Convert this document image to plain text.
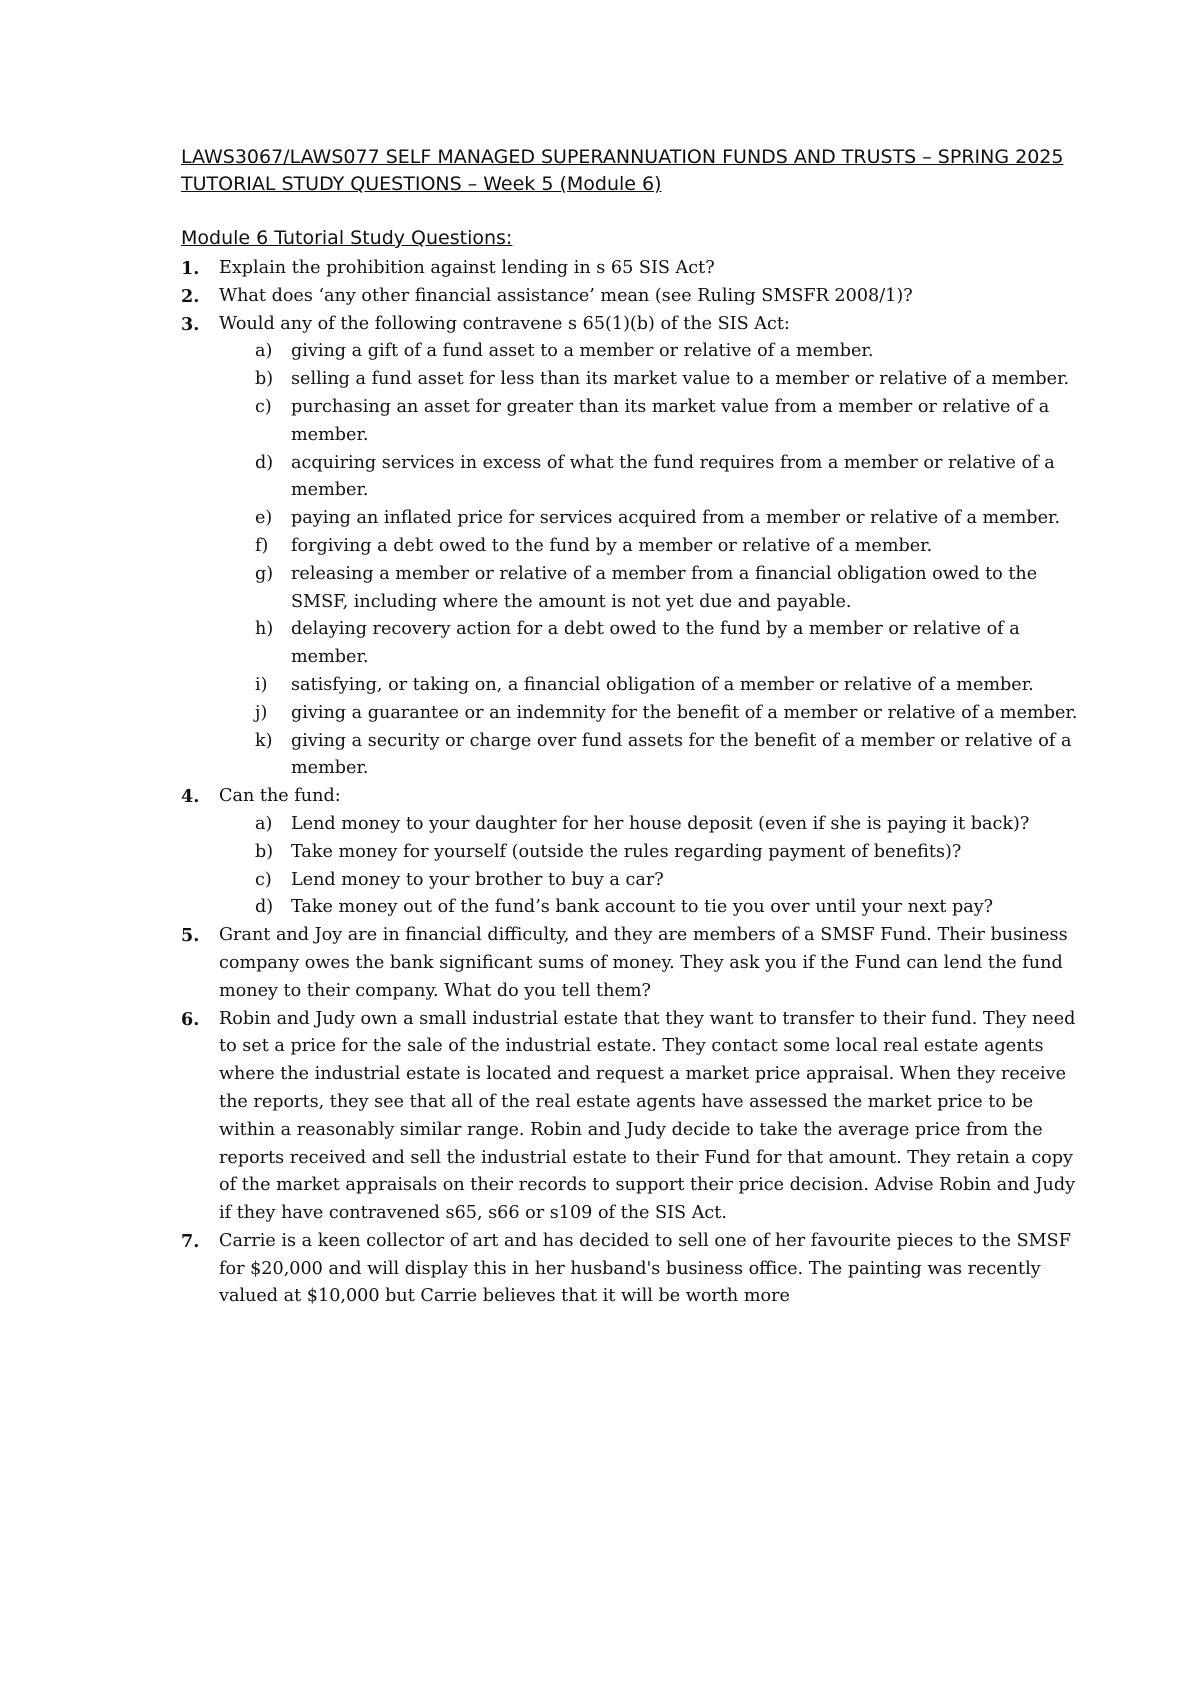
LAWS3067/LAWS077 SELF MANAGED SUPERANNUATION FUNDS AND TRUSTS – SPRING 2025
TUTORIAL STUDY QUESTIONS – Week 5 (Module 6)
Module 6 Tutorial Study Questions:
1. Explain the prohibition against lending in s 65 SIS Act?
2. What does ‘any other financial assistance’ mean (see Ruling SMSFR 2008/1)?
3. Would any of the following contravene s 65(1)(b) of the SIS Act:
a) giving a gift of a fund asset to a member or relative of a member.
b) selling a fund asset for less than its market value to a member or relative of a member.
c) purchasing an asset for greater than its market value from a member or relative of a member.
d) acquiring services in excess of what the fund requires from a member or relative of a member.
e) paying an inflated price for services acquired from a member or relative of a member.
f) forgiving a debt owed to the fund by a member or relative of a member.
g) releasing a member or relative of a member from a financial obligation owed to the SMSF, including where the amount is not yet due and payable.
h) delaying recovery action for a debt owed to the fund by a member or relative of a member.
i) satisfying, or taking on, a financial obligation of a member or relative of a member.
j) giving a guarantee or an indemnity for the benefit of a member or relative of a member.
k) giving a security or charge over fund assets for the benefit of a member or relative of a member.
4. Can the fund:
a) Lend money to your daughter for her house deposit (even if she is paying it back)?
b) Take money for yourself (outside the rules regarding payment of benefits)?
c) Lend money to your brother to buy a car?
d) Take money out of the fund’s bank account to tie you over until your next pay?
5. Grant and Joy are in financial difficulty, and they are members of a SMSF Fund. Their business company owes the bank significant sums of money. They ask you if the Fund can lend the fund money to their company. What do you tell them?
6. Robin and Judy own a small industrial estate that they want to transfer to their fund. They need to set a price for the sale of the industrial estate. They contact some local real estate agents where the industrial estate is located and request a market price appraisal. When they receive the reports, they see that all of the real estate agents have assessed the market price to be within a reasonably similar range. Robin and Judy decide to take the average price from the reports received and sell the industrial estate to their Fund for that amount. They retain a copy of the market appraisals on their records to support their price decision. Advise Robin and Judy if they have contravened s65, s66 or s109 of the SIS Act.
7. Carrie is a keen collector of art and has decided to sell one of her favourite pieces to the SMSF for $20,000 and will display this in her husband's business office. The painting was recently valued at $10,000 but Carrie believes that it will be worth more
